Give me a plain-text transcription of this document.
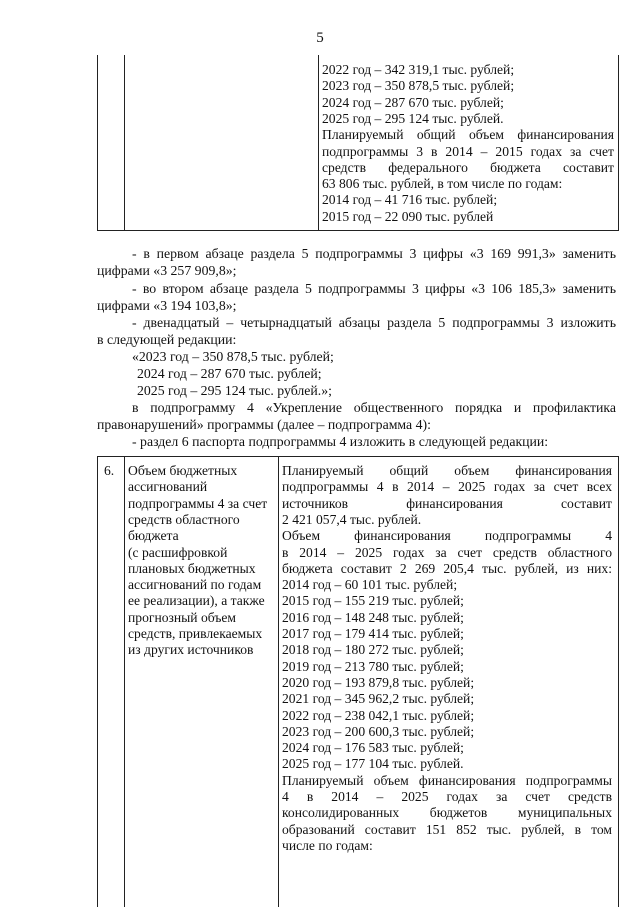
5
2022 год – 342 319,1 тыс. рублей;
2023 год – 350 878,5 тыс. рублей;
2024 год – 287 670 тыс. рублей;
2025 год – 295 124 тыс. рублей.
Планируемый общий объем финансирования
подпрограммы 3 в 2014 – 2015 годах за счет
средств федерального бюджета составит
63 806 тыс. рублей, в том числе по годам:
2014 год – 41 716 тыс. рублей;
2015 год – 22 090 тыс. рублей
- в первом абзаце раздела 5 подпрограммы 3 цифры «3 169 991,3» заменить
цифрами «3 257 909,8»;
- во втором абзаце раздела 5 подпрограммы 3 цифры «3 106 185,3» заменить
цифрами «3 194 103,8»;
- двенадцатый – четырнадцатый абзацы раздела 5 подпрограммы 3 изложить
в следующей редакции:
«2023 год – 350 878,5 тыс. рублей;
2024 год – 287 670 тыс. рублей;
2025 год – 295 124 тыс. рублей.»;
в подпрограмму 4 «Укрепление общественного порядка и профилактика
правонарушений» программы (далее – подпрограмма 4):
- раздел 6 паспорта подпрограммы 4 изложить в следующей редакции:
6. Объем бюджетных
ассигнований
подпрограммы 4 за счет
средств областного
бюджета
(с расшифровкой
плановых бюджетных
ассигнований по годам
ее реализации), а также
прогнозный объем
средств, привлекаемых
из других источников
Планируемый общий объем финансирования
подпрограммы 4 в 2014 – 2025 годах за счет всех
источников финансирования составит
2 421 057,4 тыс. рублей.
Объем финансирования подпрограммы 4
в 2014 – 2025 годах за счет средств областного
бюджета составит 2 269 205,4 тыс. рублей, из них:
2014 год – 60 101 тыс. рублей;
2015 год – 155 219 тыс. рублей;
2016 год – 148 248 тыс. рублей;
2017 год – 179 414 тыс. рублей;
2018 год – 180 272 тыс. рублей;
2019 год – 213 780 тыс. рублей;
2020 год – 193 879,8 тыс. рублей;
2021 год – 345 962,2 тыс. рублей;
2022 год – 238 042,1 тыс. рублей;
2023 год – 200 600,3 тыс. рублей;
2024 год – 176 583 тыс. рублей;
2025 год – 177 104 тыс. рублей.
Планируемый объем финансирования подпрограммы
4 в 2014 – 2025 годах за счет средств
консолидированных бюджетов муниципальных
образований составит 151 852 тыс. рублей, в том
числе по годам:
